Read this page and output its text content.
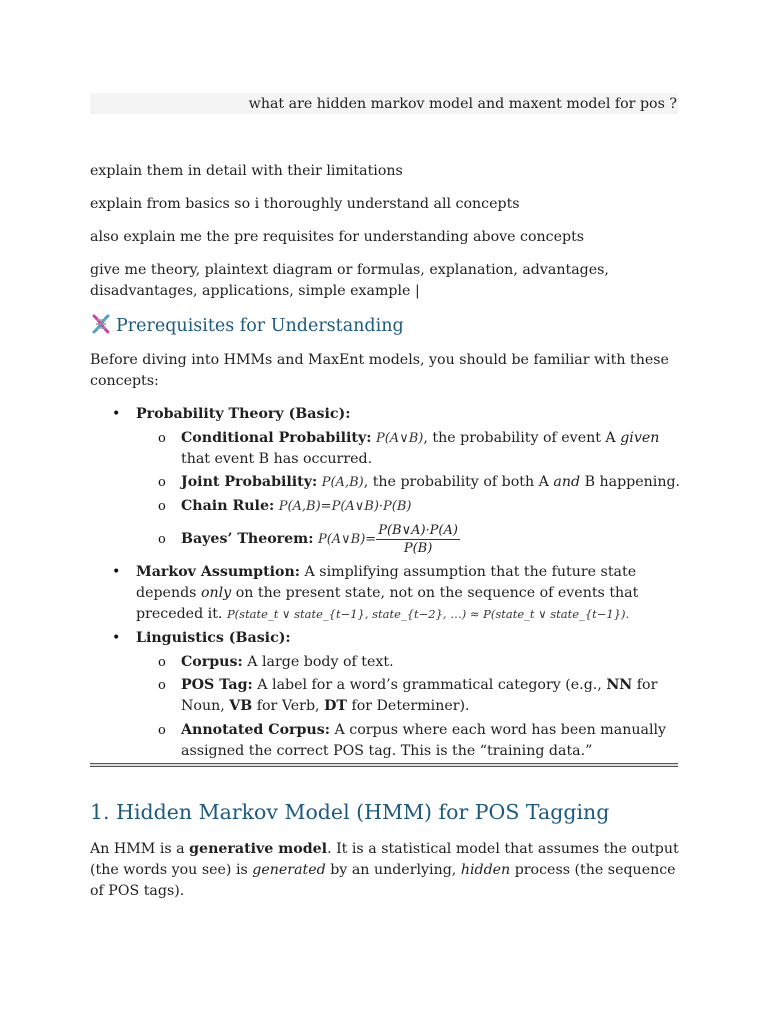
what are hidden markov model and maxent model for pos ?
explain them in detail with their limitations
explain from basics so i thoroughly understand all concepts
also explain me the pre requisites for understanding above concepts
give me theory, plaintext diagram or formulas, explanation, advantages, disadvantages, applications, simple example |
Prerequisites for Understanding
Before diving into HMMs and MaxEnt models, you should be familiar with these concepts:
• Probability Theory (Basic):
o Conditional Probability: P(A∨B), the probability of event A given that event B has occurred.
o Joint Probability: P(A,B), the probability of both A and B happening.
o Chain Rule: P(A,B)=P(A∨B)·P(B)
o Bayes’ Theorem: P(A∨B)= $\frac{P(B\vee A)\cdot P(A)}{P(B)}$
• Markov Assumption: A simplifying assumption that the future state depends only on the present state, not on the sequence of events that preceded it. P(state_t ∨ state_{t−1}, state_{t−2}, …) ≈ P(state_t ∨ state_{t−1}).
• Linguistics (Basic):
o Corpus: A large body of text.
o POS Tag: A label for a word’s grammatical category (e.g., NN for Noun, VB for Verb, DT for Determiner).
o Annotated Corpus: A corpus where each word has been manually assigned the correct POS tag. This is the “training data.”
1. Hidden Markov Model (HMM) for POS Tagging
An HMM is a generative model. It is a statistical model that assumes the output (the words you see) is generated by an underlying, hidden process (the sequence of POS tags).
